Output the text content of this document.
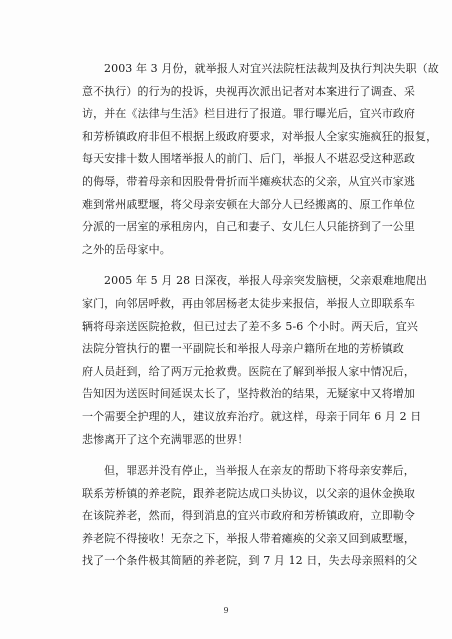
2003 年 3 月份，就举报人对宜兴法院枉法裁判及执行判决失职（故
意不执行）的行为的投诉，央视再次派出记者对本案进行了调查、采
访，并在《法律与生活》栏目进行了报道。罪行曝光后，宜兴市政府
和芳桥镇政府非但不根据上级政府要求，对举报人全家实施疯狂的报复，
每天安排十数人围堵举报人的前门、后门，举报人不堪忍受这种恶政
的侮辱，带着母亲和因股骨骨折而半瘫痪状态的父亲，从宜兴市家逃
难到常州戚墅堰，将父母亲安顿在大部分人已经搬离的、原工作单位
分派的一居室的承租房内，自己和妻子、女儿仨人只能挤到了一公里
之外的岳母家中。
2005 年 5 月 28 日深夜，举报人母亲突发脑梗，父亲艰难地爬出
家门，向邻居呼救，再由邻居杨老太徒步来报信，举报人立即联系车
辆将母亲送医院抢救，但已过去了差不多 5-6 个小时。两天后，宜兴
法院分管执行的瞿一平副院长和举报人母亲户籍所在地的芳桥镇政
府人员赶到，给了两万元抢救费。医院在了解到举报人家中情况后，
告知因为送医时间延误太长了，坚持救治的结果，无疑家中又将增加
一个需要全护理的人，建议放弃治疗。就这样，母亲于同年 6 月 2 日
悲惨离开了这个充满罪恶的世界！
但，罪恶并没有停止，当举报人在亲友的帮助下将母亲安葬后，
联系芳桥镇的养老院，跟养老院达成口头协议，以父亲的退休金换取
在该院养老，然而，得到消息的宜兴市政府和芳桥镇政府，立即勒令
养老院不得接收！无奈之下，举报人带着瘫痪的父亲又回到戚墅堰，
找了一个条件极其简陋的养老院，到 7 月 12 日，失去母亲照料的父
9
